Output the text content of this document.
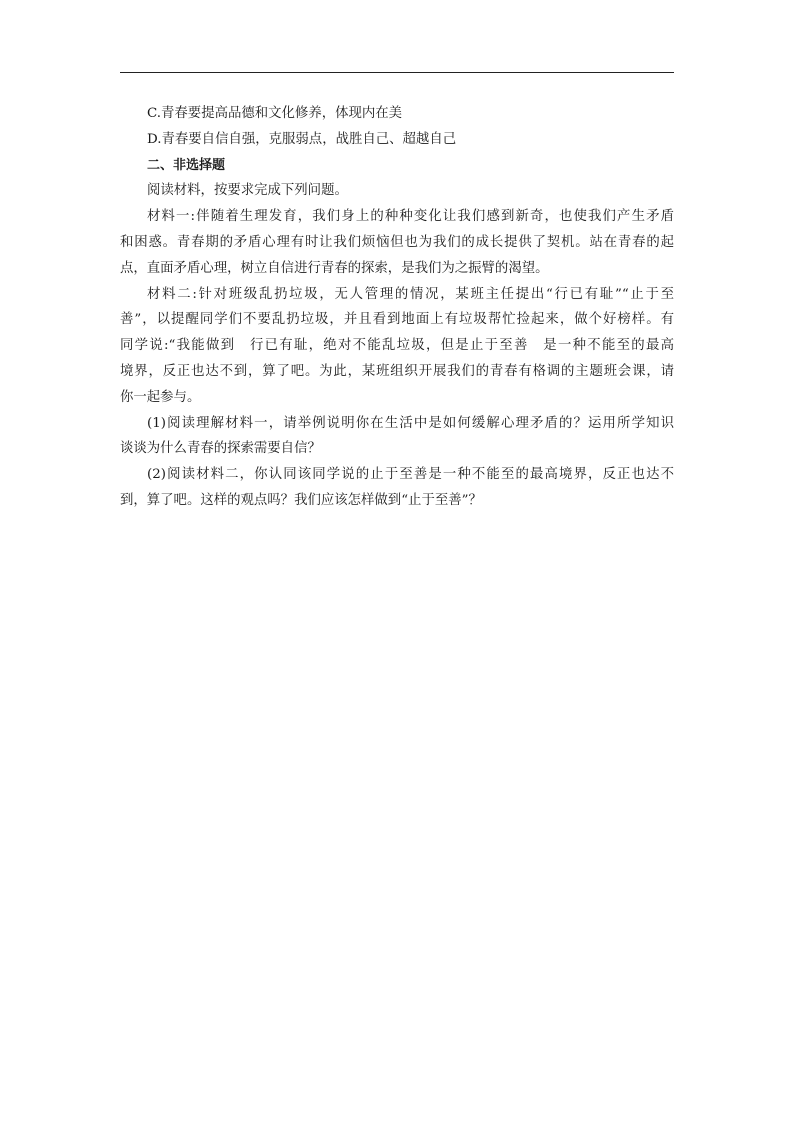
C.青春要提高品德和文化修养，体现内在美
D.青春要自信自强，克服弱点，战胜自己、超越自己
二、非选择题
阅读材料，按要求完成下列问题。
材料一:伴随着生理发育，我们身上的种种变化让我们感到新奇，也使我们产生矛盾
和困惑。青春期的矛盾心理有时让我们烦恼但也为我们的成长提供了契机。站在青春的起
点，直面矛盾心理，树立自信进行青春的探索，是我们为之振臂的渴望。
材料二:针对班级乱扔垃圾，无人管理的情况，某班主任提出“行已有耻”“止于至
善”，以提醒同学们不要乱扔垃圾，并且看到地面上有垃圾帮忙捡起来，做个好榜样。有
同学说:“我能做到　行已有耻，绝对不能乱垃圾，但是止于至善　是一种不能至的最高
境界，反正也达不到，算了吧。为此，某班组织开展我们的青春有格调的主题班会课，请
你一起参与。
(1)阅读理解材料一，请举例说明你在生活中是如何缓解心理矛盾的？运用所学知识
谈谈为什么青春的探索需要自信？
(2)阅读材料二，你认同该同学说的止于至善是一种不能至的最高境界，反正也达不
到，算了吧。这样的观点吗？我们应该怎样做到“止于至善”？
